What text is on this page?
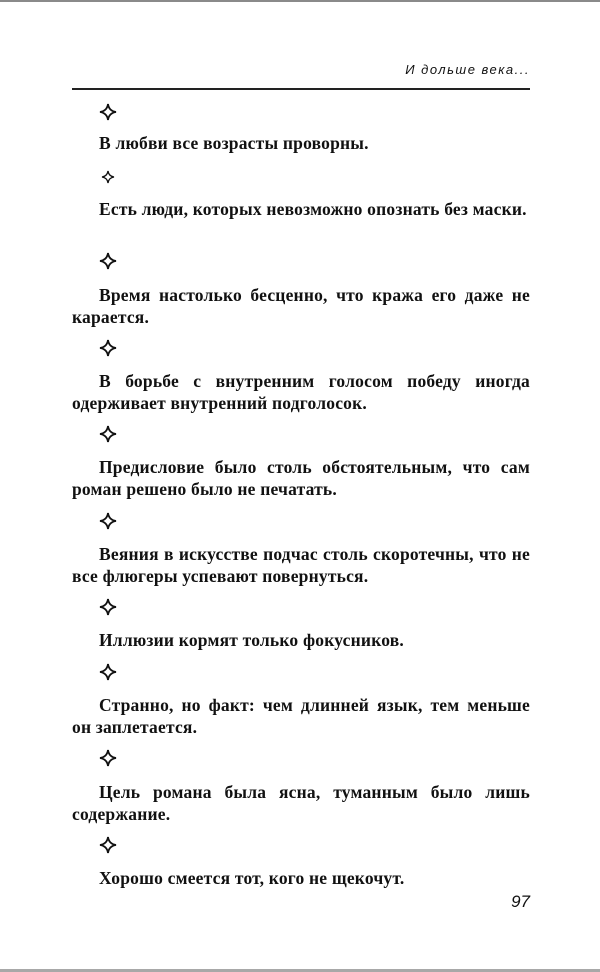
И дольше века...
В любви все возрасты проворны.
Есть люди, которых невозможно опознать без маски.
Время настолько бесценно, что кража его даже не карается.
В борьбе с внутренним голосом победу иногда одерживает внутренний подголосок.
Предисловие было столь обстоятельным, что сам роман решено было не печатать.
Веяния в искусстве подчас столь скоротечны, что не все флюгеры успевают повернуться.
Иллюзии кормят только фокусников.
Странно, но факт: чем длинней язык, тем меньше он заплетается.
Цель романа была ясна, туманным было лишь содержание.
Хорошо смеется тот, кого не щекочут.
97
